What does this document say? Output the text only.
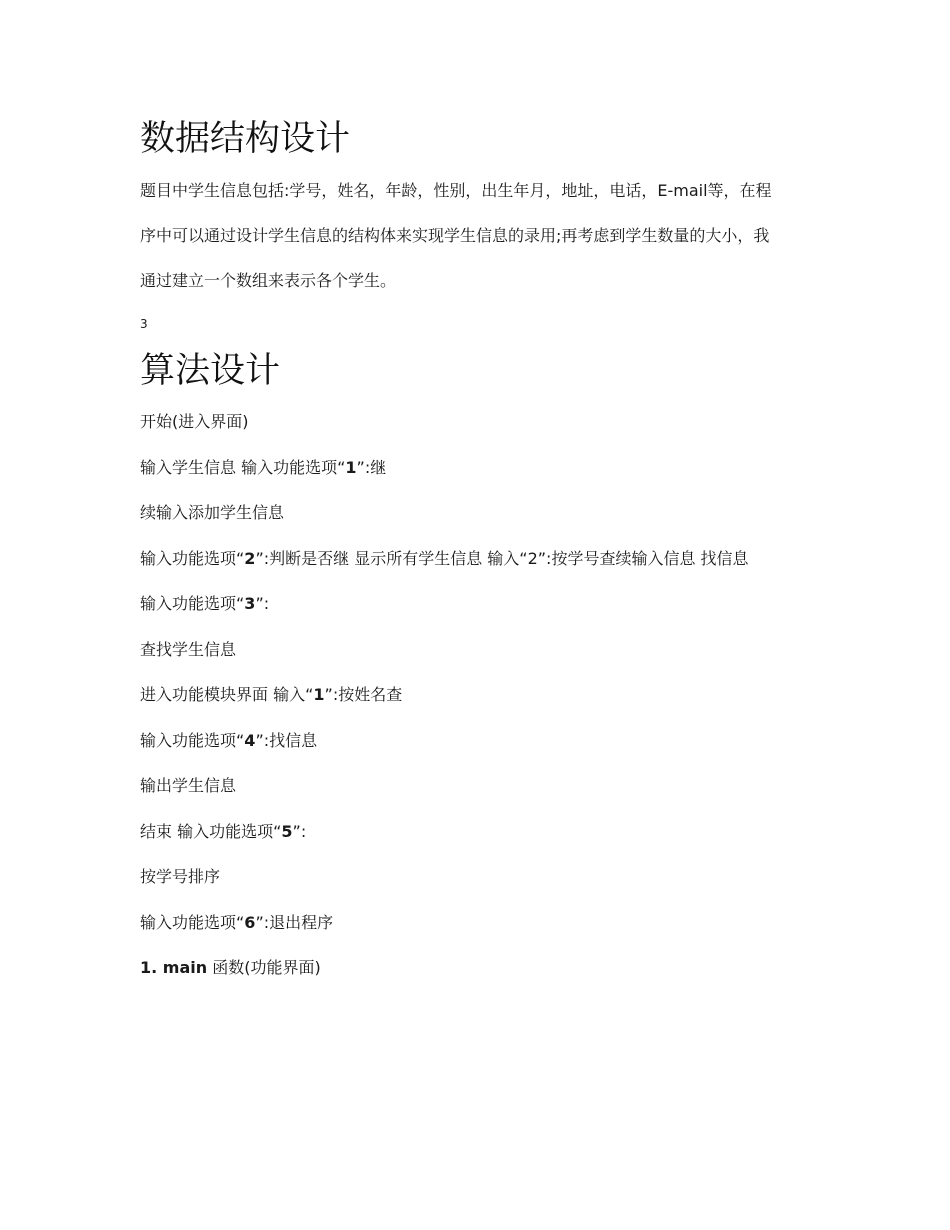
数据结构设计

题目中学生信息包括:学号，姓名，年龄，性别，出生年月，地址，电话，E-mail等，在程

序中可以通过设计学生信息的结构体来实现学生信息的录用;再考虑到学生数量的大小，我

通过建立一个数组来表示各个学生。

3

算法设计

开始(进入界面)

输入学生信息 输入功能选项“1”:继

续输入添加学生信息

输入功能选项“2”:判断是否继 显示所有学生信息 输入“2”:按学号查续输入信息 找信息

输入功能选项“3”:

查找学生信息

进入功能模块界面 输入“1”:按姓名查

输入功能选项“4”:找信息

输出学生信息

结束 输入功能选项“5”:

按学号排序

输入功能选项“6”:退出程序

1. main 函数(功能界面)
